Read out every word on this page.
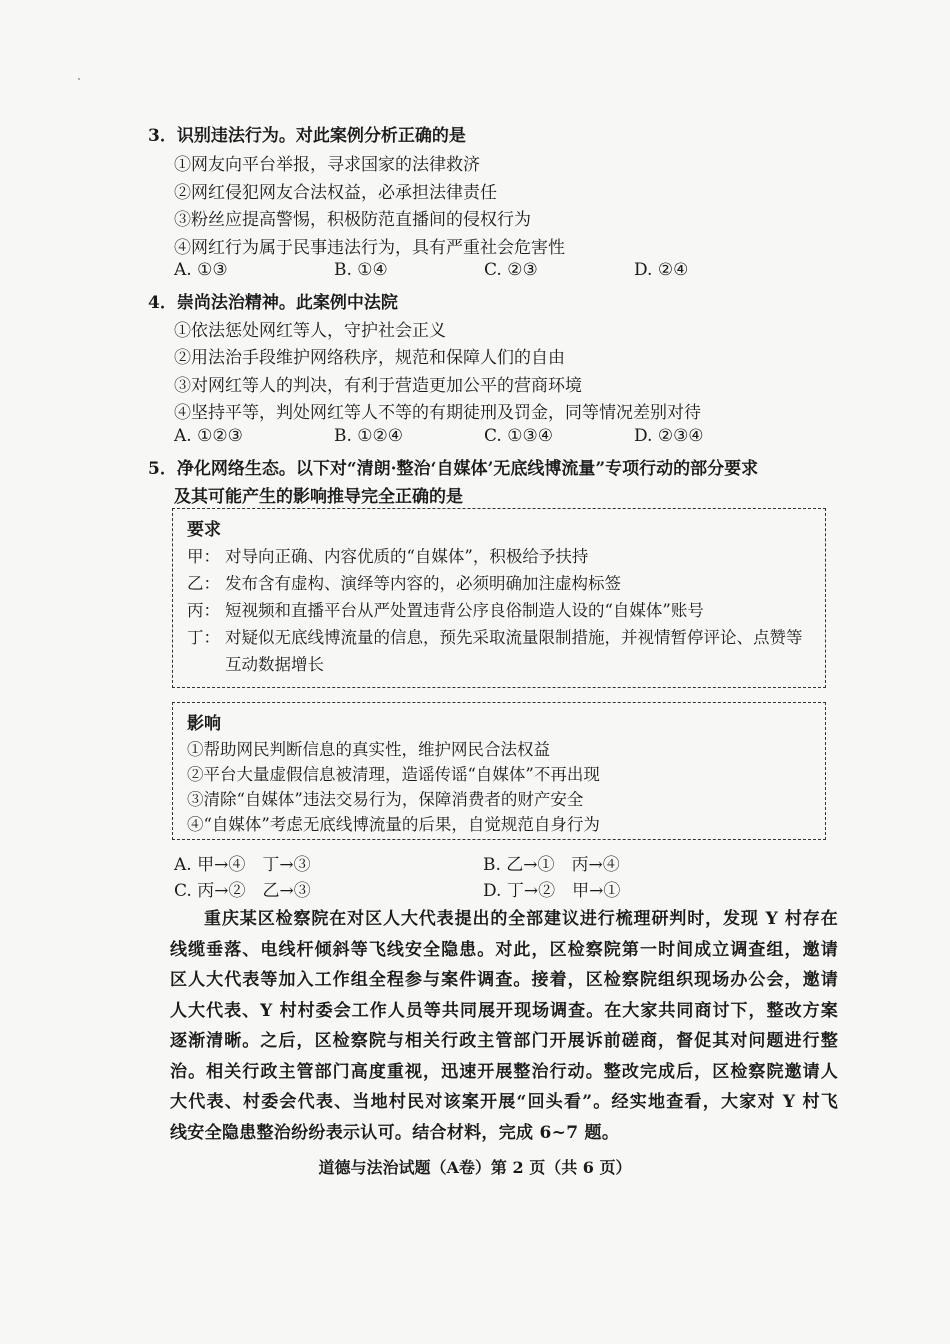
3．识别违法行为。对此案例分析正确的是
①网友向平台举报，寻求国家的法律救济
②网红侵犯网友合法权益，必承担法律责任
③粉丝应提高警惕，积极防范直播间的侵权行为
④网红行为属于民事违法行为，具有严重社会危害性
A. ①③	B. ①④	C. ②③	D. ②④
4．崇尚法治精神。此案例中法院
①依法惩处网红等人，守护社会正义
②用法治手段维护网络秩序，规范和保障人们的自由
③对网红等人的判决，有利于营造更加公平的营商环境
④坚持平等，判处网红等人不等的有期徒刑及罚金，同等情况差别对待
A. ①②③	B. ①②④	C. ①③④	D. ②③④
5．净化网络生态。以下对“清朗·整治‘自媒体’无底线博流量”专项行动的部分要求
及其可能产生的影响推导完全正确的是
要求
甲： 对导向正确、内容优质的“自媒体”，积极给予扶持
乙： 发布含有虚构、演绎等内容的，必须明确加注虚构标签
丙： 短视频和直播平台从严处置违背公序良俗制造人设的“自媒体”账号
丁： 对疑似无底线博流量的信息，预先采取流量限制措施，并视情暂停评论、点赞等互动数据增长
影响
①帮助网民判断信息的真实性，维护网民合法权益
②平台大量虚假信息被清理，造谣传谣“自媒体”不再出现
③清除“自媒体”违法交易行为，保障消费者的财产安全
④“自媒体”考虑无底线博流量的后果，自觉规范自身行为
A. 甲→④　丁→③	B. 乙→①　丙→④
C. 丙→②　乙→③	D. 丁→②　甲→①
重庆某区检察院在对区人大代表提出的全部建议进行梳理研判时，发现 Y 村存在
线缆垂落、电线杆倾斜等飞线安全隐患。对此，区检察院第一时间成立调查组，邀请
区人大代表等加入工作组全程参与案件调查。接着，区检察院组织现场办公会，邀请
人大代表、Y 村村委会工作人员等共同展开现场调查。在大家共同商讨下，整改方案
逐渐清晰。之后，区检察院与相关行政主管部门开展诉前磋商，督促其对问题进行整
治。相关行政主管部门高度重视，迅速开展整治行动。整改完成后，区检察院邀请人
大代表、村委会代表、当地村民对该案开展“回头看”。经实地查看，大家对 Y 村飞
线安全隐患整治纷纷表示认可。结合材料，完成 6~7 题。
道德与法治试题（A卷）第 2 页（共 6 页）
